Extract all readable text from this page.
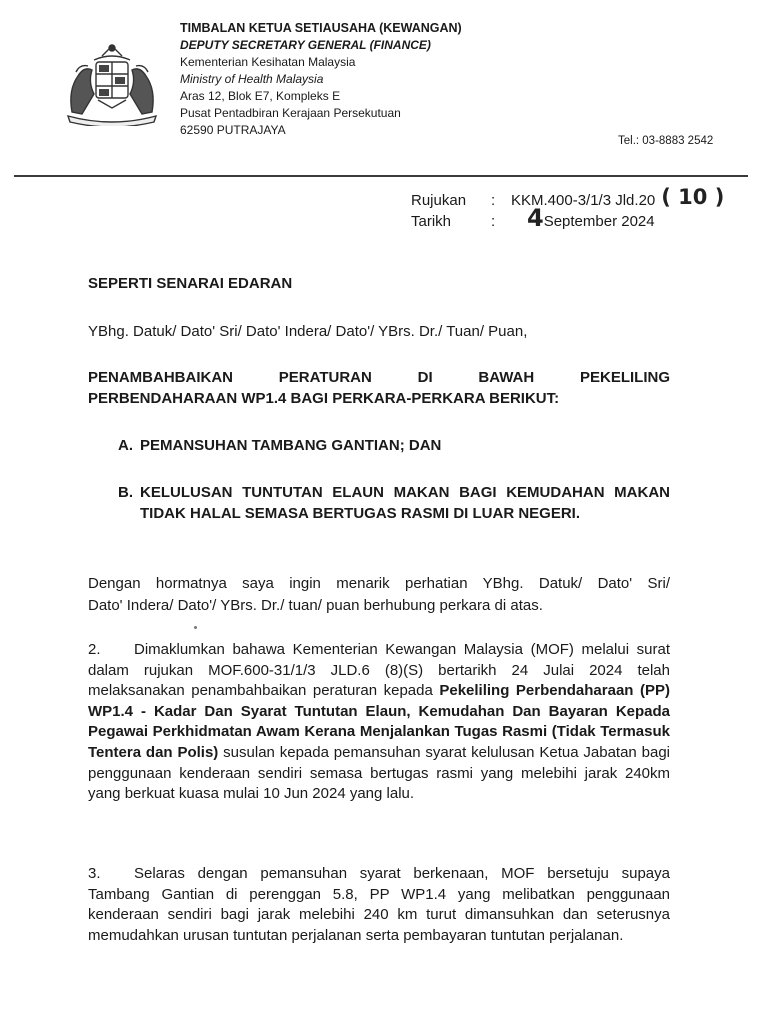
TIMBALAN KETUA SETIAUSAHA (KEWANGAN)
DEPUTY SECRETARY GENERAL (FINANCE)
Kementerian Kesihatan Malaysia
Ministry of Health Malaysia
Aras 12, Blok E7, Kompleks E
Pusat Pentadbiran Kerajaan Persekutuan
62590 PUTRAJAYA
Tel.: 03-8883 2542
Rujukan	:	KKM.400-3/1/3 Jld.20 ( 10 )
Tarikh	:	4 September 2024
SEPERTI SENARAI EDARAN
YBhg. Datuk/ Dato' Sri/ Dato' Indera/ Dato'/ YBrs. Dr./ Tuan/ Puan,
PENAMBAHBAIKAN PERATURAN DI BAWAH PEKELILING
PERBENDAHARAAN WP1.4 BAGI PERKARA-PERKARA BERIKUT:
A. PEMANSUHAN TAMBANG GANTIAN; DAN
B. KELULUSAN TUNTUTAN ELAUN MAKAN BAGI KEMUDAHAN MAKAN TIDAK HALAL SEMASA BERTUGAS RASMI DI LUAR NEGERI.
Dengan hormatnya saya ingin menarik perhatian YBhg. Datuk/ Dato' Sri/
Dato' Indera/ Dato'/ YBrs. Dr./ tuan/ puan berhubung perkara di atas.
2. Dimaklumkan bahawa Kementerian Kewangan Malaysia (MOF) melalui surat dalam rujukan MOF.600-31/1/3 JLD.6 (8)(S) bertarikh 24 Julai 2024 telah melaksanakan penambahbaikan peraturan kepada Pekeliling Perbendaharaan (PP) WP1.4 - Kadar Dan Syarat Tuntutan Elaun, Kemudahan Dan Bayaran Kepada Pegawai Perkhidmatan Awam Kerana Menjalankan Tugas Rasmi (Tidak Termasuk Tentera dan Polis) susulan kepada pemansuhan syarat kelulusan Ketua Jabatan bagi penggunaan kenderaan sendiri semasa bertugas rasmi yang melebihi jarak 240km yang berkuat kuasa mulai 10 Jun 2024 yang lalu.
3. Selaras dengan pemansuhan syarat berkenaan, MOF bersetuju supaya Tambang Gantian di perenggan 5.8, PP WP1.4 yang melibatkan penggunaan kenderaan sendiri bagi jarak melebihi 240 km turut dimansuhkan dan seterusnya memudahkan urusan tuntutan perjalanan serta pembayaran tuntutan perjalanan.
